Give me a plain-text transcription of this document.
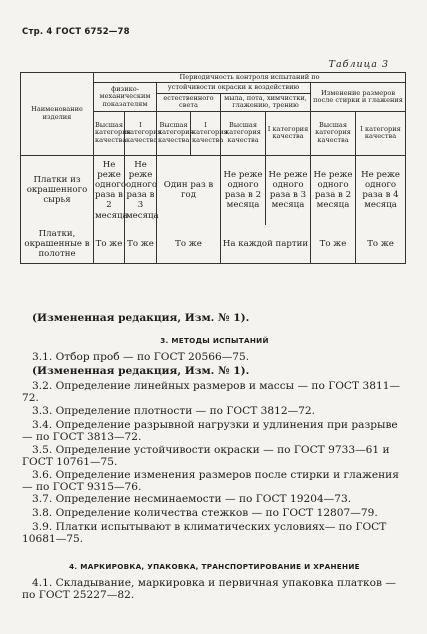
Стр. 4 ГОСТ 6752—78
Таблица 3
Наименование изделия	Периодичность контроля испытаний по							
	физико-механическим показателям		устойчивости окраски к воздействию				Изменение размеров после стирки и глажения	
			естественного света		мыла, пота, химчистки, глажению, трению			
	Высшая категория качества	I категория качества	Высшая категория качества	I категория качества	Высшая категория качества	I категория качества	Высшая категория качества	I категория качества
Платки из окрашенного сырья	Не реже одного раза в 2 месяца	Не реже одного раза в 3 месяца	Один раз в год		Не реже одного раза в 2 месяца	Не реже одного раза в 3 месяца	Не реже одного раза в 2 месяца	Не реже одного раза в 4 месяца
Платки, окрашенные в полотне	То же	То же	То же		На каждой партии		То же	То же
(Измененная редакция, Изм. № 1).
3. МЕТОДЫ ИСПЫТАНИЙ
3.1. Отбор проб — по ГОСТ 20566—75.
(Измененная редакция, Изм. № 1).
3.2. Определение линейных размеров и массы — по ГОСТ 3811—72.
3.3. Определение плотности — по ГОСТ 3812—72.
3.4. Определение разрывной нагрузки и удлинения при разрыве — по ГОСТ 3813—72.
3.5. Определение устойчивости окраски — по ГОСТ 9733—61 и ГОСТ 10761—75.
3.6. Определение изменения размеров после стирки и глажения — по ГОСТ 9315—76.
3.7. Определение несминаемости — по ГОСТ 19204—73.
3.8. Определение количества стежков — по ГОСТ 12807—79.
3.9. Платки испытывают в климатических условиях— по ГОСТ 10681—75.
4. МАРКИРОВКА, УПАКОВКА, ТРАНСПОРТИРОВАНИЕ И ХРАНЕНИЕ
4.1. Складывание, маркировка и первичная упаковка платков — по ГОСТ 25227—82.
